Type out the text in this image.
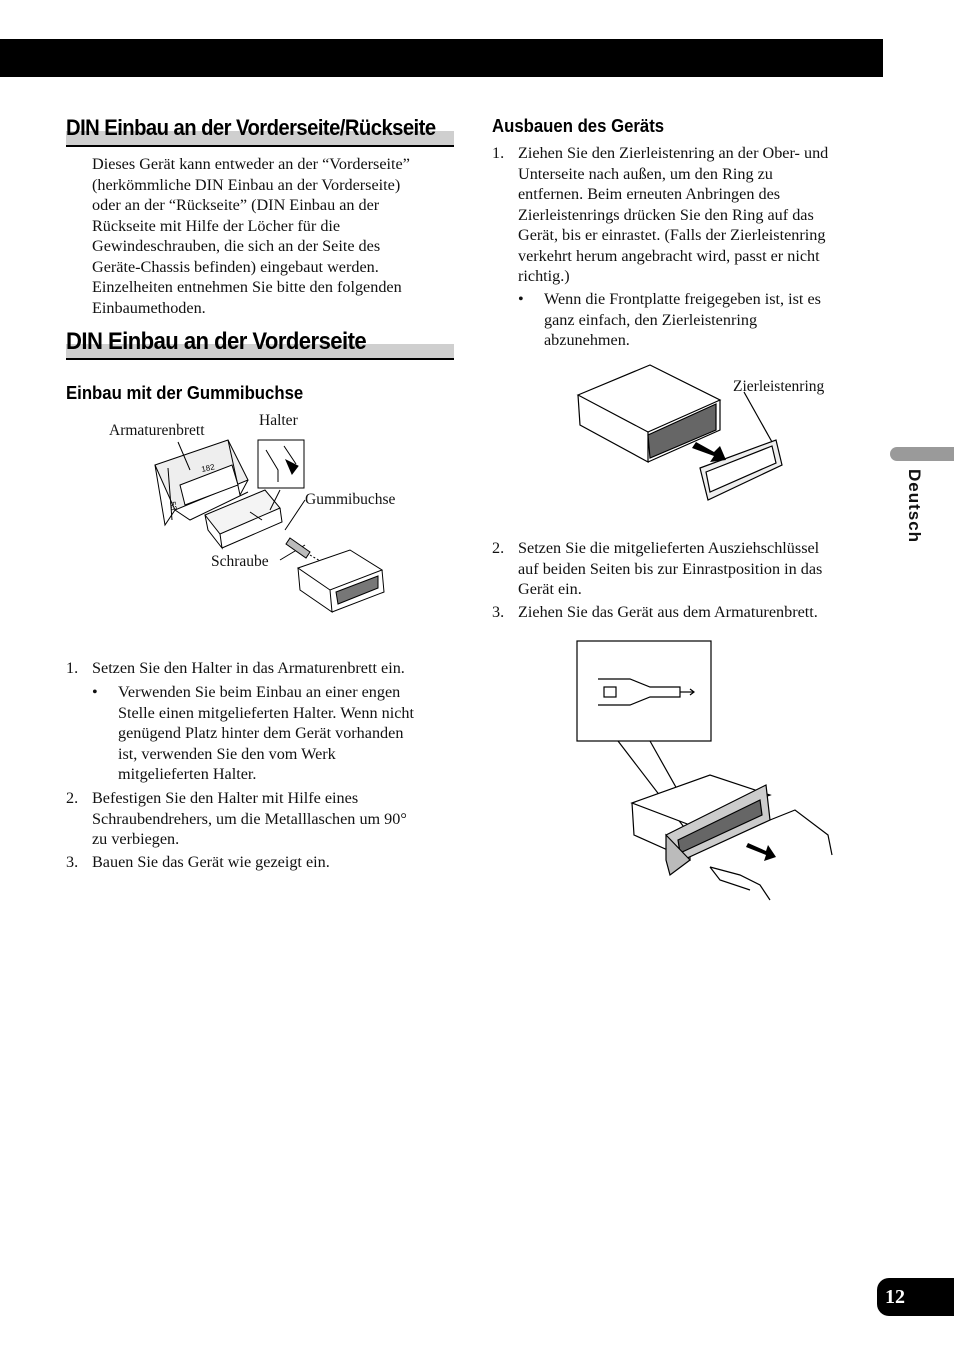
DIN Einbau an der Vorderseite/Rückseite
Dieses Gerät kann entweder an der “Vorderseite”
(herkömmliche DIN Einbau an der Vorderseite)
oder an der “Rückseite” (DIN Einbau an der
Rückseite mit Hilfe der Löcher für die
Gewindeschrauben, die sich an der Seite des
Geräte-Chassis befinden) eingebaut werden.
Einzelheiten entnehmen Sie bitte den folgenden
Einbaumethoden.
DIN Einbau an der Vorderseite
Einbau mit der Gummibuchse
Armaturenbrett
Halter
Gummibuchse
Schraube
182
53
1. Setzen Sie den Halter in das Armaturenbrett ein.
• Verwenden Sie beim Einbau an einer engen
Stelle einen mitgelieferten Halter. Wenn nicht
genügend Platz hinter dem Gerät vorhanden
ist, verwenden Sie den vom Werk
mitgelieferten Halter.
2. Befestigen Sie den Halter mit Hilfe eines
Schraubendrehers, um die Metalllaschen um 90°
zu verbiegen.
3. Bauen Sie das Gerät wie gezeigt ein.
Ausbauen des Geräts
1. Ziehen Sie den Zierleistenring an der Ober- und
Unterseite nach außen, um den Ring zu
entfernen. Beim erneuten Anbringen des
Zierleistenrings drücken Sie den Ring auf das
Gerät, bis er einrastet. (Falls der Zierleistenring
verkehrt herum angebracht wird, passt er nicht
richtig.)
• Wenn die Frontplatte freigegeben ist, ist es
ganz einfach, den Zierleistenring
abzunehmen.
Zierleistenring
2. Setzen Sie die mitgelieferten Ausziehschlüssel
auf beiden Seiten bis zur Einrastposition in das
Gerät ein.
3. Ziehen Sie das Gerät aus dem Armaturenbrett.
Deutsch
12
